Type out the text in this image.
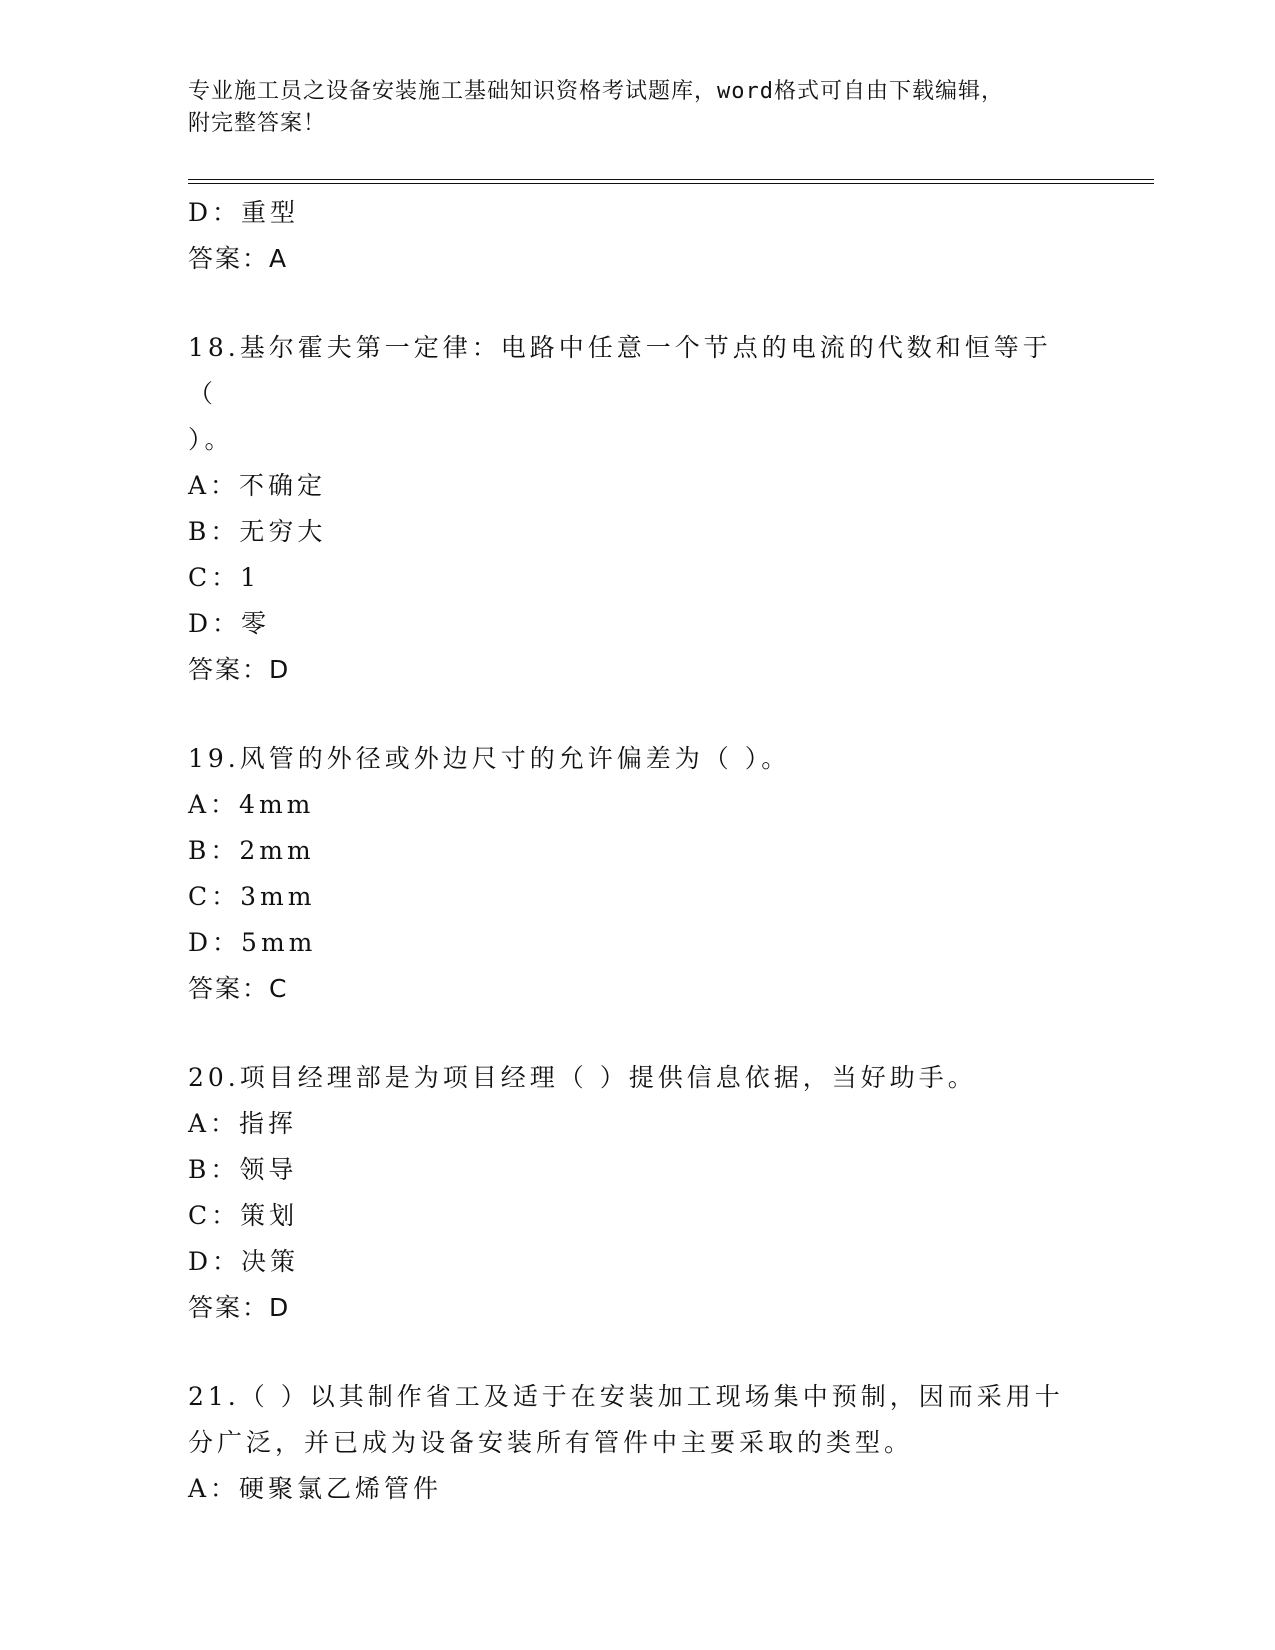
专业施工员之设备安装施工基础知识资格考试题库，word格式可自由下载编辑，
附完整答案！
D：重型
答案：A
18.基尔霍夫第一定律：电路中任意一个节点的电流的代数和恒等于（
）。
A：不确定
B：无穷大
C：1
D：零
答案：D
19.风管的外径或外边尺寸的允许偏差为（ ）。
A：4mm
B：2mm
C：3mm
D：5mm
答案：C
20.项目经理部是为项目经理（ ）提供信息依据，当好助手。
A：指挥
B：领导
C：策划
D：决策
答案：D
21.（ ）以其制作省工及适于在安装加工现场集中预制，因而采用十
分广泛，并已成为设备安装所有管件中主要采取的类型。
A：硬聚氯乙烯管件
